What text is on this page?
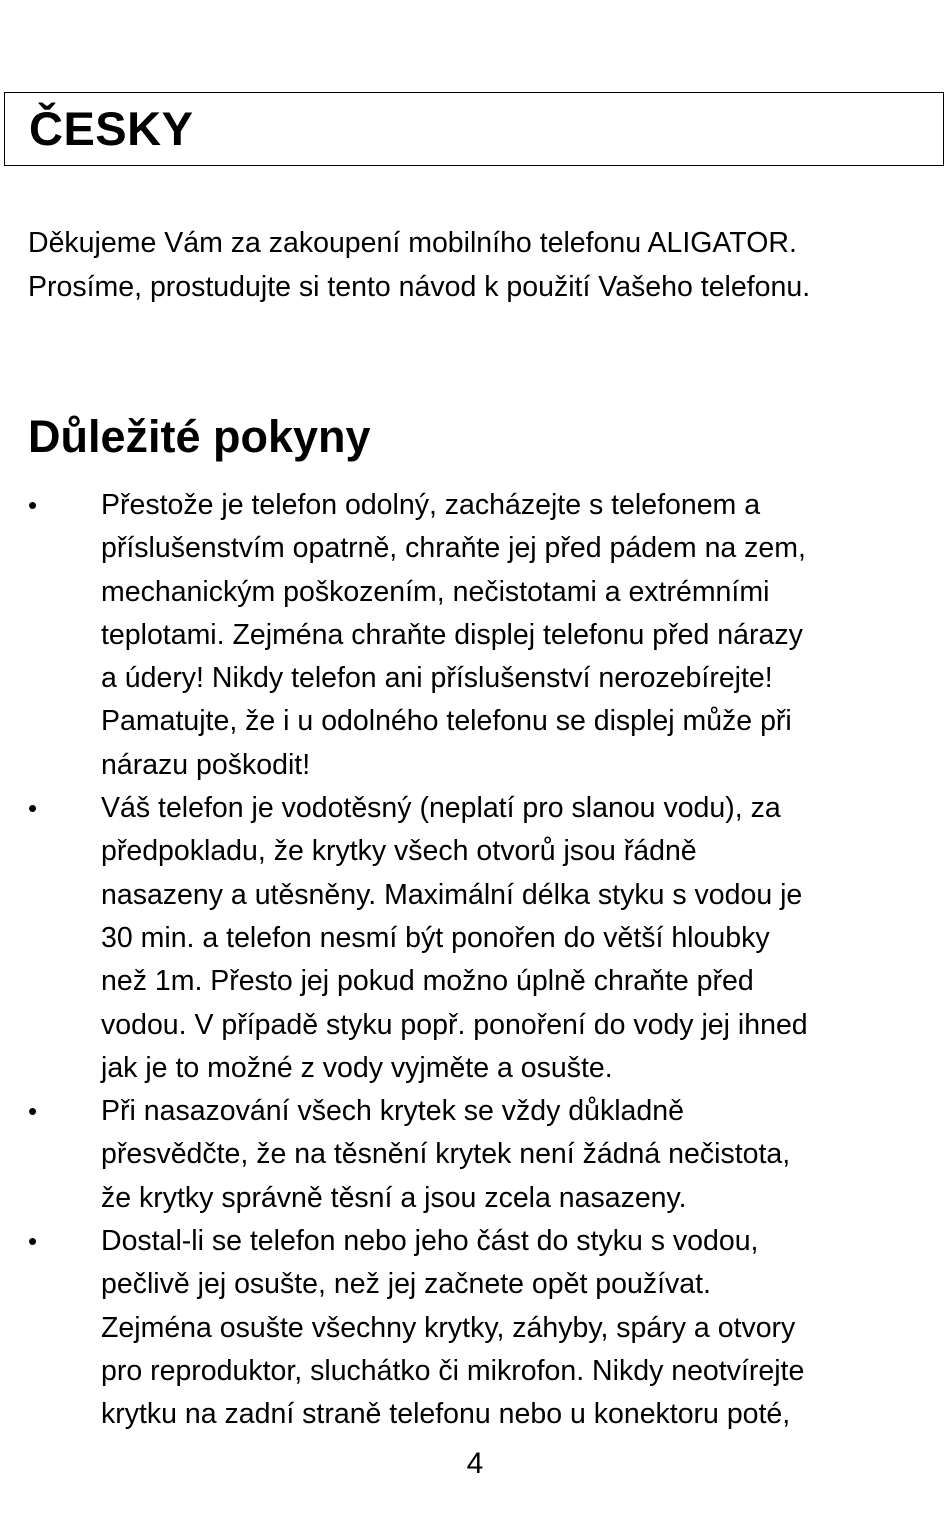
ČESKY
Děkujeme Vám za zakoupení mobilního telefonu ALIGATOR.
Prosíme, prostudujte si tento návod k použití Vašeho telefonu.
Důležité pokyny
•	Přestože je telefon odolný, zacházejte s telefonem a
příslušenstvím opatrně, chraňte jej před pádem na zem,
mechanickým poškozením, nečistotami a extrémními
teplotami. Zejména chraňte displej telefonu před nárazy
a údery! Nikdy telefon ani příslušenství nerozebírejte!
Pamatujte, že i u odolného telefonu se displej může při
nárazu poškodit!
•	Váš telefon je vodotěsný (neplatí pro slanou vodu), za
předpokladu, že krytky všech otvorů jsou řádně
nasazeny a utěsněny. Maximální délka styku s vodou je
30 min. a telefon nesmí být ponořen do větší hloubky
než 1m. Přesto jej pokud možno úplně chraňte před
vodou. V případě styku popř. ponoření do vody jej ihned
jak je to možné z vody vyjměte a osušte.
•	Při nasazování všech krytek se vždy důkladně
přesvědčte, že na těsnění krytek není žádná nečistota,
že krytky správně těsní a jsou zcela nasazeny.
•	Dostal-li se telefon nebo jeho část do styku s vodou,
pečlivě jej osušte, než jej začnete opět používat.
Zejména osušte všechny krytky, záhyby, spáry a otvory
pro reproduktor, sluchátko či mikrofon. Nikdy neotvírejte
krytku na zadní straně telefonu nebo u konektoru poté,
4
